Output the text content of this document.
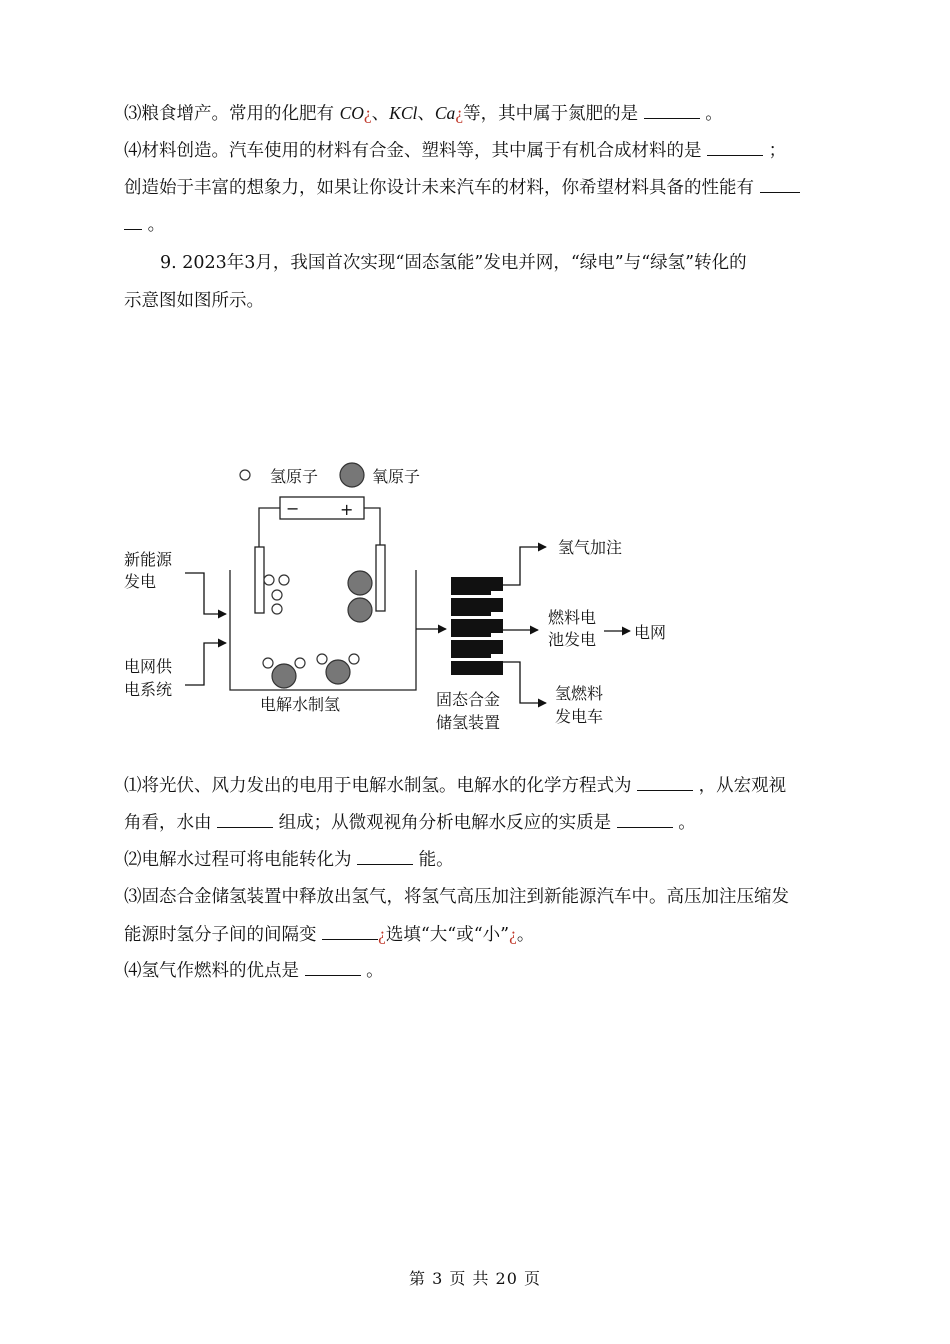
⑶粮食增产。常用的化肥有 CO¿、KCl、Ca¿等，其中属于氮肥的是	。
⑷材料创造。汽车使用的材料有合金、塑料等，其中属于有机合成材料的是	；
创造始于丰富的想象力，如果让你设计未来汽车的材料，你希望材料具备的性能有
。
9. 2023年3月，我国首次实现“固态氢能”发电并网，“绿电”与“绿氢”转化的
示意图如图所示。
氢原子	氧原子
−	+
电解水制氢
新能源
发电
电网供
电系统
固态合金
储氢装置
氢气加注
燃料电
池发电 电网
氢燃料
发电车
⑴将光伏、风力发出的电用于电解水制氢。电解水的化学方程式为	，从宏观视
角看，水由	组成；从微观视角分析电解水反应的实质是	。
⑵电解水过程可将电能转化为	能。
⑶固态合金储氢装置中释放出氢气，将氢气高压加注到新能源汽车中。高压加注压缩发
能源时氢分子间的间隔变	¿选填“大“或“小”¿。
⑷氢气作燃料的优点是	。
第 3 页 共 20 页
